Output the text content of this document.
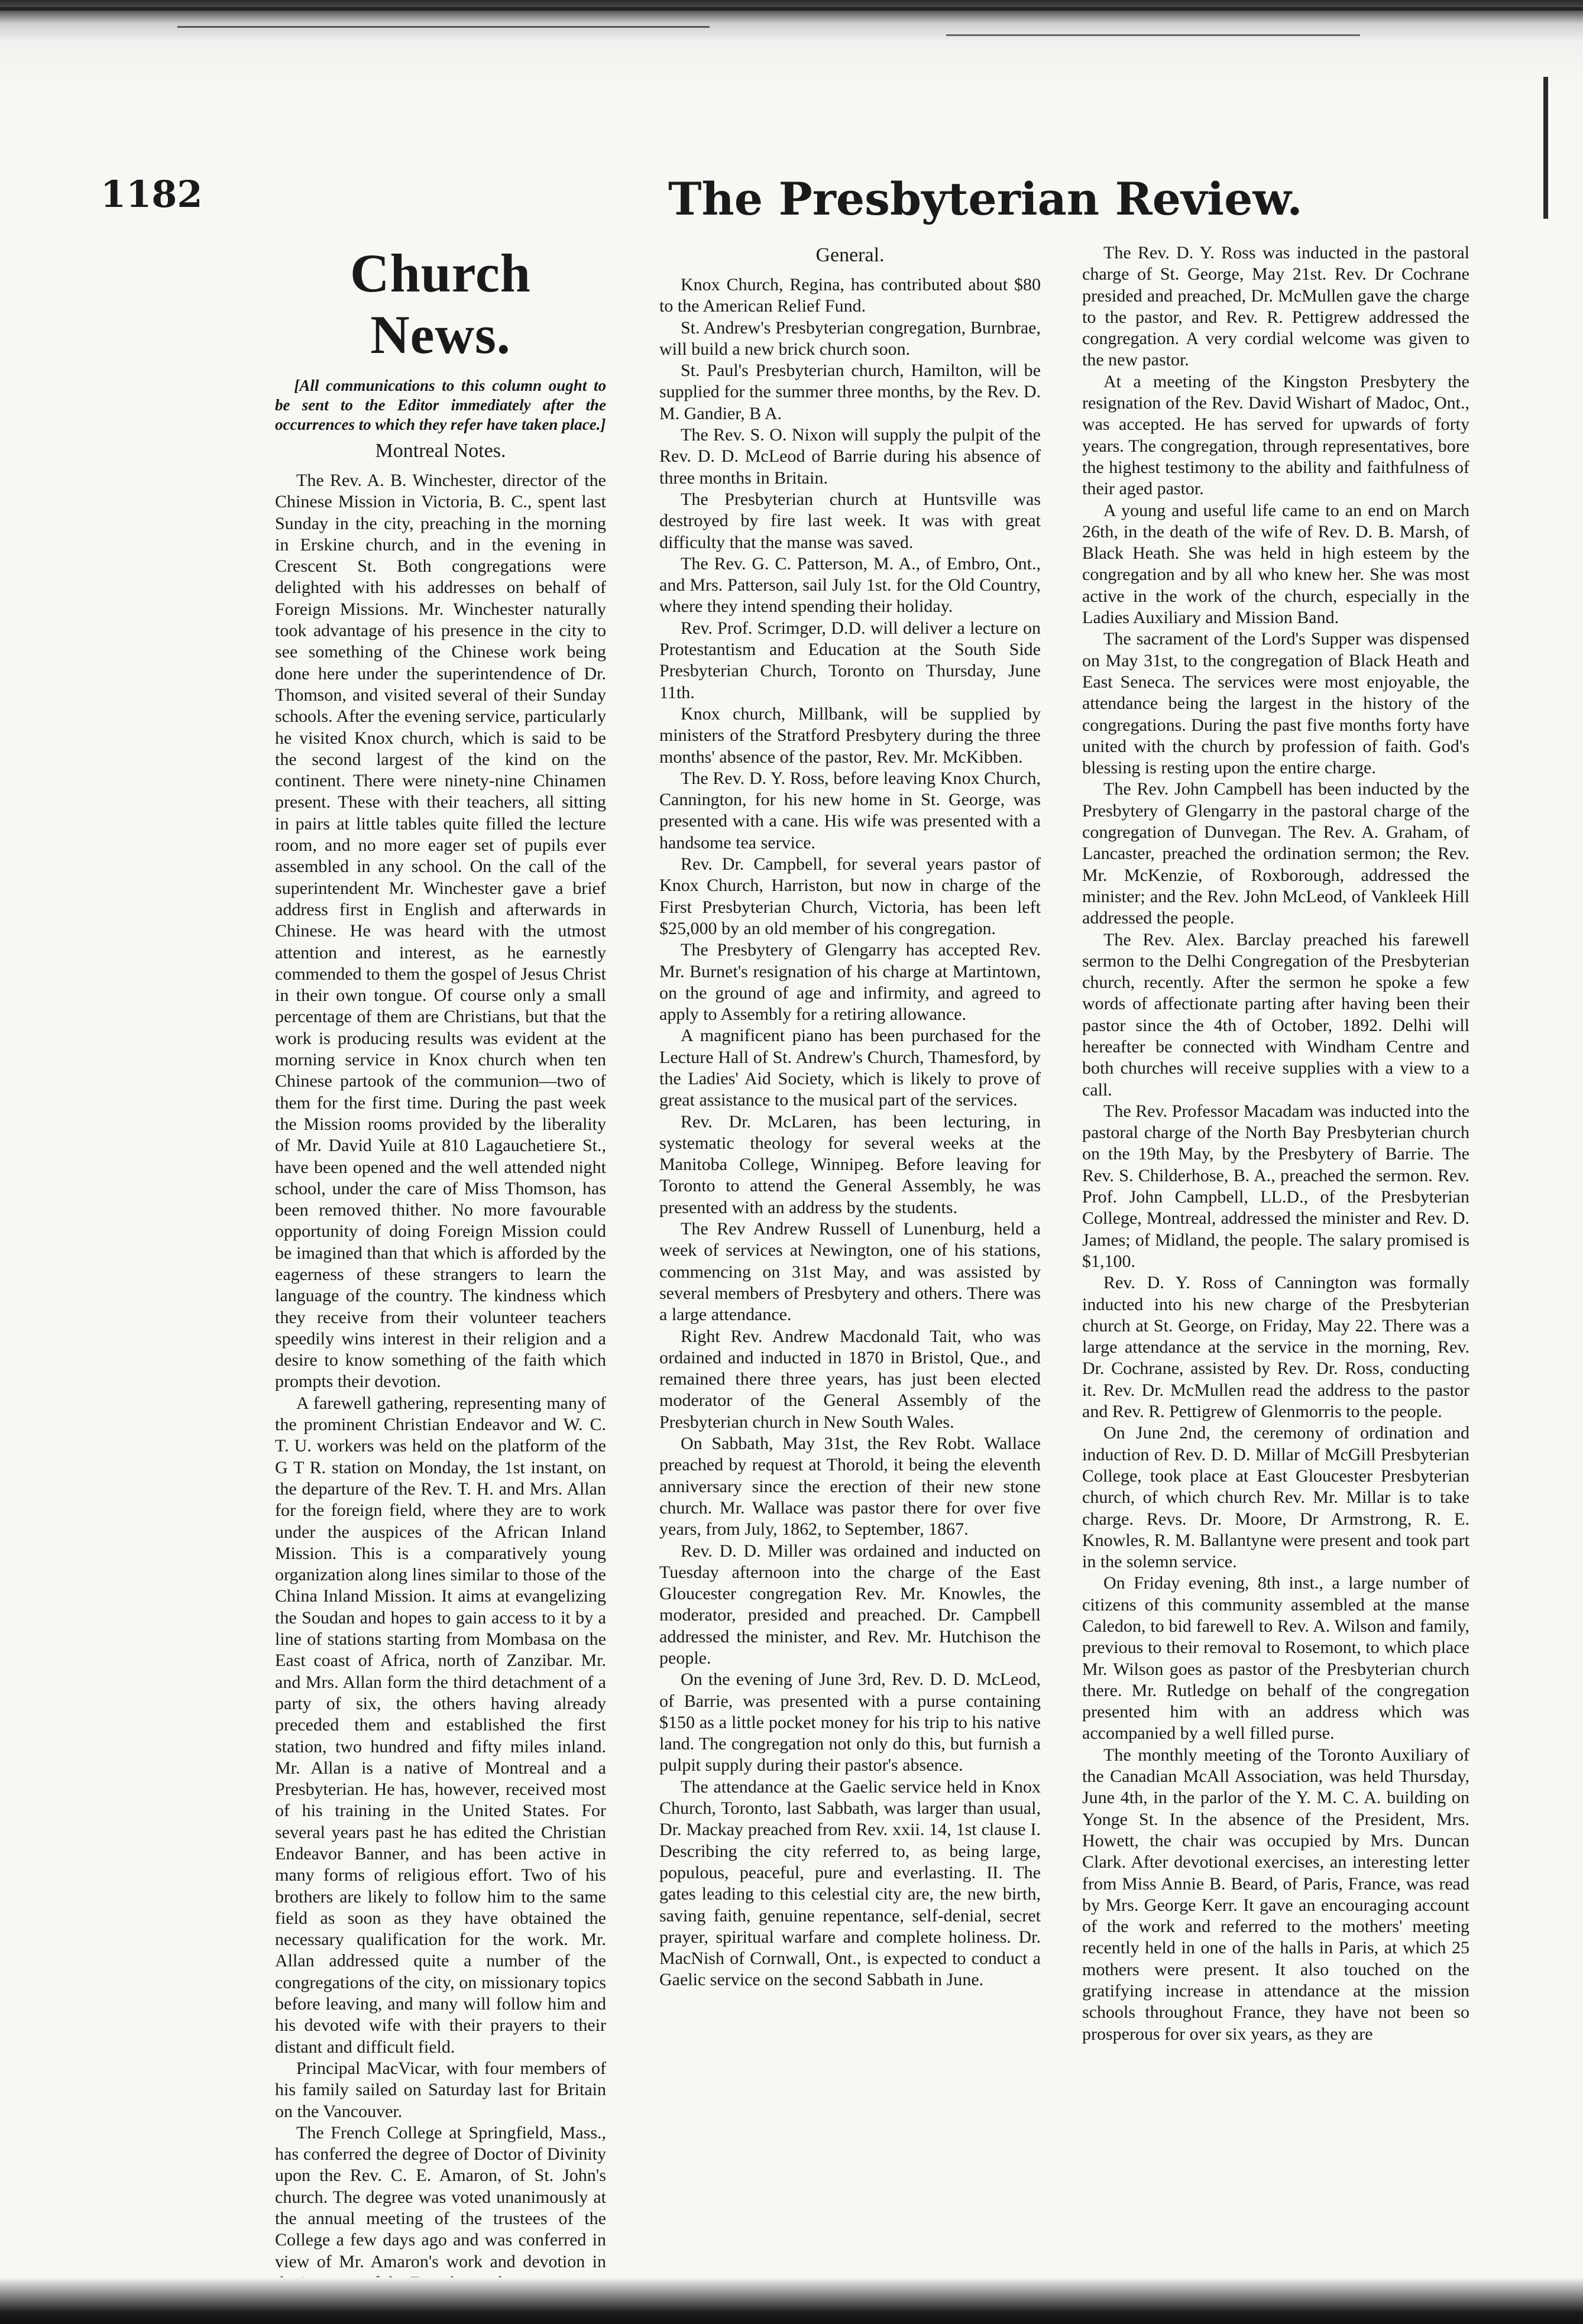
1182	The Presbyterian Review.
Church News.

[All communications to this column ought to be sent to the Editor immediately after the occurrences to which they refer have taken place.]

Montreal Notes.

The Rev. A. B. Winchester, director of the Chinese Mission in Victoria, B. C., spent last Sunday in the city, preaching in the morning in Erskine church, and in the evening in Crescent St. Both congregations were delighted with his addresses on behalf of Foreign Missions. Mr. Winchester naturally took advantage of his presence in the city to see something of the Chinese work being done here under the superintendence of Dr. Thomson, and visited several of their Sunday schools. After the evening service, particularly he visited Knox church, which is said to be the second largest of the kind on the continent. There were ninety-nine Chinamen present. These with their teachers, all sitting in pairs at little tables quite filled the lecture room, and no more eager set of pupils ever assembled in any school. On the call of the superintendent Mr. Winchester gave a brief address first in English and afterwards in Chinese. He was heard with the utmost attention and interest, as he earnestly commended to them the gospel of Jesus Christ in their own tongue. Of course only a small percentage of them are Christians, but that the work is producing results was evident at the morning service in Knox church when ten Chinese partook of the communion—two of them for the first time. During the past week the Mission rooms provided by the liberality of Mr. David Yuile at 810 Lagauchetiere St., have been opened and the well attended night school, under the care of Miss Thomson, has been removed thither. No more favourable opportunity of doing Foreign Mission could be imagined than that which is afforded by the eagerness of these strangers to learn the language of the country. The kindness which they receive from their volunteer teachers speedily wins interest in their religion and a desire to know something of the faith which prompts their devotion.

A farewell gathering, representing many of the prominent Christian Endeavor and W. C. T. U. workers was held on the platform of the G T R. station on Monday, the 1st instant, on the departure of the Rev. T. H. and Mrs. Allan for the foreign field, where they are to work under the auspices of the African Inland Mission. This is a comparatively young organization along lines similar to those of the China Inland Mission. It aims at evangelizing the Soudan and hopes to gain access to it by a line of stations starting from Mombasa on the East coast of Africa, north of Zanzibar. Mr. and Mrs. Allan form the third detachment of a party of six, the others having already preceded them and established the first station, two hundred and fifty miles inland. Mr. Allan is a native of Montreal and a Presbyterian. He has, however, received most of his training in the United States. For several years past he has edited the Christian Endeavor Banner, and has been active in many forms of religious effort. Two of his brothers are likely to follow him to the same field as soon as they have obtained the necessary qualification for the work. Mr. Allan addressed quite a number of the congregations of the city, on missionary topics before leaving, and many will follow him and his devoted wife with their prayers to their distant and difficult field.

Principal MacVicar, with four members of his family sailed on Saturday last for Britain on the Vancouver.

The French College at Springfield, Mass., has conferred the degree of Doctor of Divinity upon the Rev. C. E. Amaron, of St. John's church. The degree was voted unanimously at the annual meeting of the trustees of the College a few days ago and was conferred in view of Mr. Amaron's work and devotion in

General.

Knox Church, Regina, has contributed about $80 to the American Relief Fund.

St. Andrew's Presbyterian congregation, Burnbrae, will build a new brick church soon.

St. Paul's Presbyterian church, Hamilton, will be supplied for the summer three months, by the Rev. D. M. Gandier, B A.

The Rev. S. O. Nixon will supply the pulpit of the Rev. D. D. McLeod of Barrie during his absence of three months in Britain.

The Presbyterian church at Huntsville was destroyed by fire last week. It was with great difficulty that the manse was saved.

The Rev. G. C. Patterson, M. A., of Embro, Ont., and Mrs. Patterson, sail July 1st. for the Old Country, where they intend spending their holiday.

Rev. Prof. Scrimger, D.D. will deliver a lecture on Protestantism and Education at the South Side Presbyterian Church, Toronto on Thursday, June 11th.

Knox church, Millbank, will be supplied by ministers of the Stratford Presbytery during the three months' absence of the pastor, Rev. Mr. McKibben.

The Rev. D. Y. Ross, before leaving Knox Church, Cannington, for his new home in St. George, was presented with a cane. His wife was presented with a handsome tea service.

Rev. Dr. Campbell, for several years pastor of Knox Church, Harriston, but now in charge of the First Presbyterian Church, Victoria, has been left $25,000 by an old member of his congregation.

The Presbytery of Glengarry has accepted Rev. Mr. Burnet's resignation of his charge at Martintown, on the ground of age and infirmity, and agreed to apply to Assembly for a retiring allowance.

A magnificent piano has been purchased for the Lecture Hall of St. Andrew's Church, Thamesford, by the Ladies' Aid Society, which is likely to prove of great assistance to the musical part of the services.

Rev. Dr. McLaren, has been lecturing, in systematic theology for several weeks at the Manitoba College, Winnipeg. Before leaving for Toronto to attend the General Assembly, he was presented with an address by the students.

The Rev Andrew Russell of Lunenburg, held a week of services at Newington, one of his stations, commencing on 31st May, and was assisted by several members of Presbytery and others. There was a large attendance.

Right Rev. Andrew Macdonald Tait, who was ordained and inducted in 1870 in Bristol, Que., and remained there three years, has just been elected moderator of the General Assembly of the Presbyterian church in New South Wales.

On Sabbath, May 31st, the Rev Robt. Wallace preached by request at Thorold, it being the eleventh anniversary since the erection of their new stone church. Mr. Wallace was pastor there for over five years, from July, 1862, to September, 1867.

Rev. D. D. Miller was ordained and inducted on Tuesday afternoon into the charge of the East Gloucester congregation Rev. Mr. Knowles, the moderator, presided and preached. Dr. Campbell addressed the minister, and Rev. Mr. Hutchison the people.

On the evening of June 3rd, Rev. D. D. McLeod, of Barrie, was presented with a purse containing $150 as a little pocket money for his trip to his native land. The congregation not only do this, but furnish a pulpit supply during their pastor's absence.

The attendance at the Gaelic service held in Knox Church, Toronto, last Sabbath, was larger than usual, Dr. Mackay preached from Rev. xxii. 14, 1st clause I. Describing the city referred to, as being large, populous, peaceful, pure and everlasting. II. The gates leading to this celestial city are, the new birth, saving faith, genuine repentance, self-denial, secret prayer, spiritual warfare and complete holiness. Dr. MacNish of Cornwall, Ont., is expected to conduct a Gaelic service on the second Sabbath in June.

The Rev. D. Y. Ross was inducted in the pastoral charge of St. George, May 21st. Rev. Dr Cochrane presided and preached, Dr. McMullen gave the charge to the pastor, and Rev. R. Pettigrew addressed the congregation. A very cordial welcome was given to the new pastor.

At a meeting of the Kingston Presbytery the resignation of the Rev. David Wishart of Madoc, Ont., was accepted. He has served for upwards of forty years. The congregation, through representatives, bore the highest testimony to the ability and faithfulness of their aged pastor.

A young and useful life came to an end on March 26th, in the death of the wife of Rev. D. B. Marsh, of Black Heath. She was held in high esteem by the congregation and by all who knew her. She was most active in the work of the church, especially in the Ladies Auxiliary and Mission Band.

The sacrament of the Lord's Supper was dispensed on May 31st, to the congregation of Black Heath and East Seneca. The services were most enjoyable, the attendance being the largest in the history of the congregations. During the past five months forty have united with the church by profession of faith. God's blessing is resting upon the entire charge.

The Rev. John Campbell has been inducted by the Presbytery of Glengarry in the pastoral charge of the congregation of Dunvegan. The Rev. A. Graham, of Lancaster, preached the ordination sermon; the Rev. Mr. McKenzie, of Roxborough, addressed the minister; and the Rev. John McLeod, of Vankleek Hill addressed the people.

The Rev. Alex. Barclay preached his farewell sermon to the Delhi Congregation of the Presbyterian church, recently. After the sermon he spoke a few words of affectionate parting after having been their pastor since the 4th of October, 1892. Delhi will hereafter be connected with Windham Centre and both churches will receive supplies with a view to a call.

The Rev. Professor Macadam was inducted into the pastoral charge of the North Bay Presbyterian church on the 19th May, by the Presbytery of Barrie. The Rev. S. Childerhose, B. A., preached the sermon. Rev. Prof. John Campbell, LL.D., of the Presbyterian College, Montreal, addressed the minister and Rev. D. James; of Midland, the people. The salary promised is $1,100.

Rev. D. Y. Ross of Cannington was formally inducted into his new charge of the Presbyterian church at St. George, on Friday, May 22. There was a large attendance at the service in the morning, Rev. Dr. Cochrane, assisted by Rev. Dr. Ross, conducting it. Rev. Dr. McMullen read the address to the pastor and Rev. R. Pettigrew of Glenmorris to the people.

On June 2nd, the ceremony of ordination and induction of Rev. D. D. Millar of McGill Presbyterian College, took place at East Gloucester Presbyterian church, of which church Rev. Mr. Millar is to take charge. Revs. Dr. Moore, Dr Armstrong, R. E. Knowles, R. M. Ballantyne were present and took part in the solemn service.

On Friday evening, 8th inst., a large number of citizens of this community assembled at the manse Caledon, to bid farewell to Rev. A. Wilson and family, previous to their removal to Rosemont, to which place Mr. Wilson goes as pastor of the Presbyterian church there. Mr. Rutledge on behalf of the congregation presented him with an address which was accompanied by a well filled purse.

The monthly meeting of the Toronto Auxiliary of the Canadian McAll Association, was held Thursday, June 4th, in the parlor of the Y. M. C. A. building on Yonge St. In the absence of the President, Mrs. Howett, the chair was occupied by Mrs. Duncan Clark. After devotional exercises, an interesting letter from Miss Annie B. Beard, of Paris, France, was read by Mrs. George Kerr. It gave an encouraging account of the work and referred to the mothers' meeting recently held in one of the halls in Paris, at which 25 mothers were present. It also touched on the gratifying increase in attendance at the mission schools throughout France, they have not been so prosperous for over six years, as they are
